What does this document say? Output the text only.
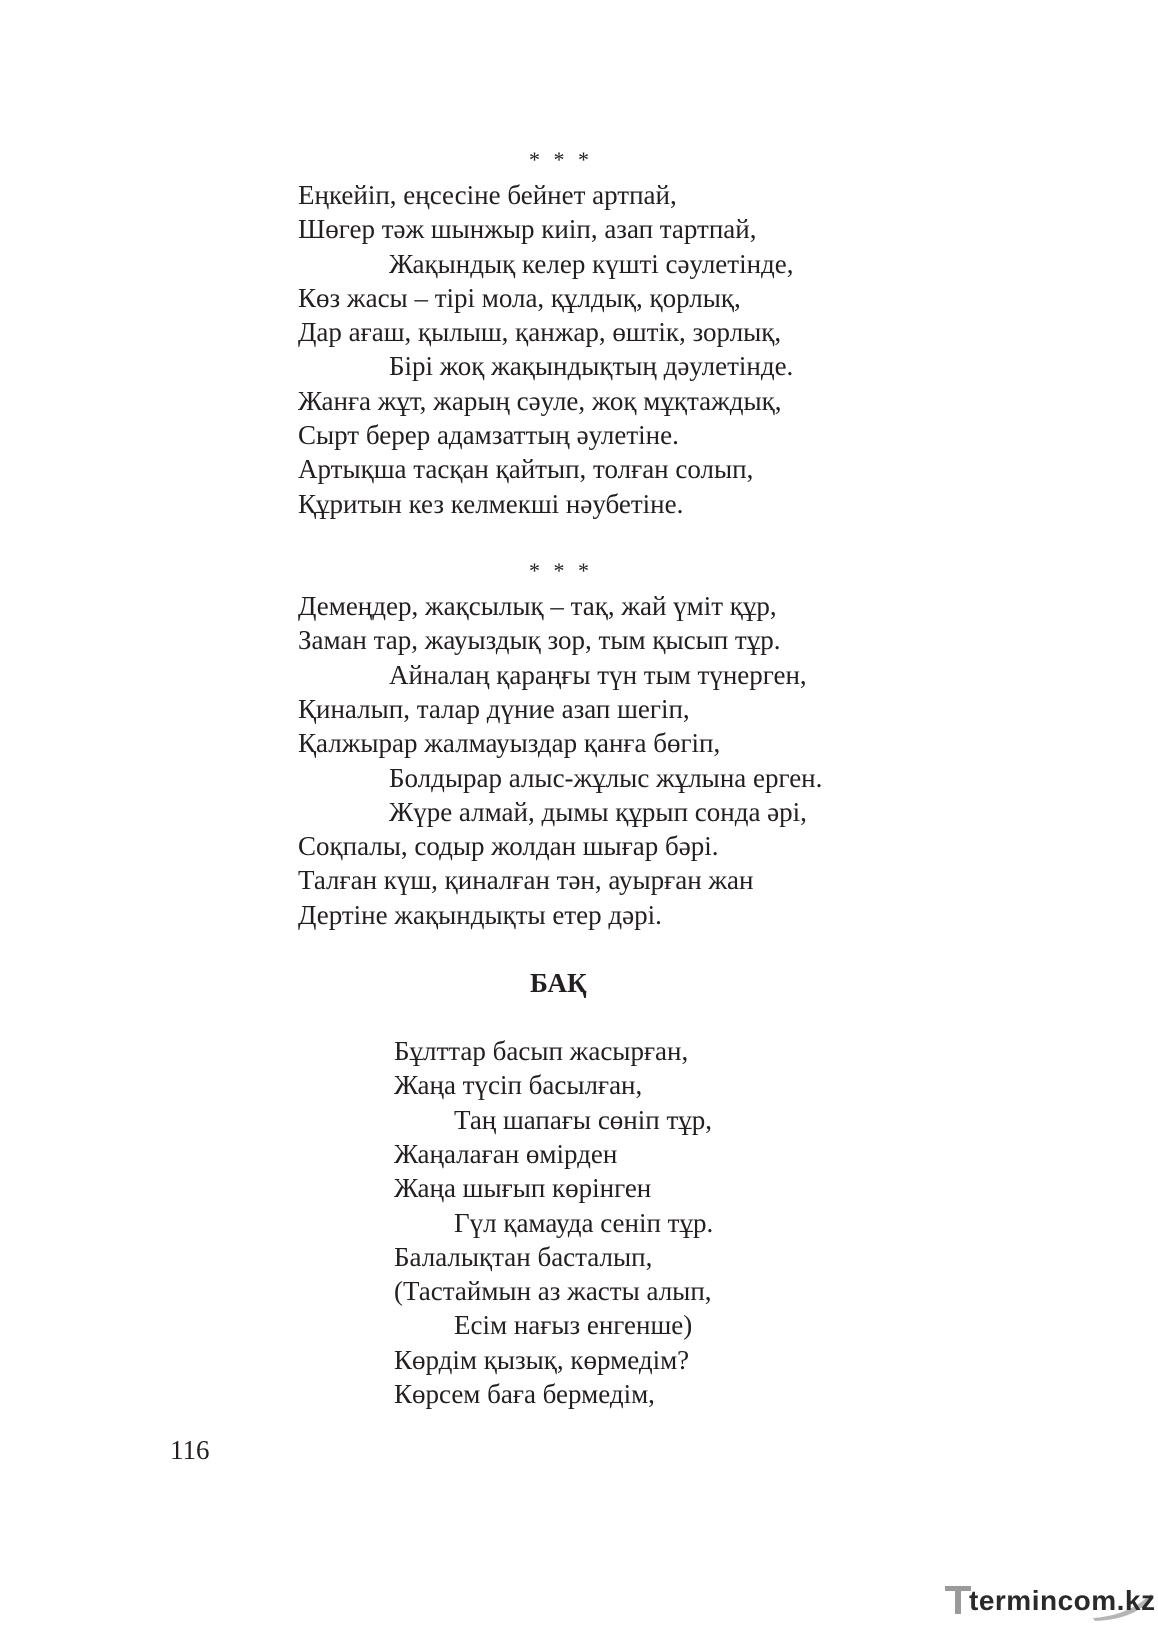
* * *
Еңкейіп, еңсесіне бейнет артпай,
Шөгер тәж шынжыр киіп, азап тартпай,
Жақындық келер күшті сәулетінде,
Көз жасы – тірі мола, құлдық, қорлық,
Дар ағаш, қылыш, қанжар, өштік, зорлық,
Бірі жоқ жақындықтың дәулетінде.
Жанға жұт, жарың сәуле, жоқ мұқтаждық,
Сырт берер адамзаттың әулетіне.
Артықша тасқан қайтып, толған солып,
Құритын кез келмекші нәубетіне.
* * *
Демеңдер, жақсылық – тақ, жай үміт құр,
Заман тар, жауыздық зор, тым қысып тұр.
Айналаң қараңғы түн тым түнерген,
Қиналып, талар дүние азап шегіп,
Қалжырар жалмауыздар қанға бөгіп,
Болдырар алыс-жұлыс жұлына ерген.
Жүре алмай, дымы құрып сонда әрі,
Соқпалы, содыр жолдан шығар бәрі.
Талған күш, қиналған тән, ауырған жан
Дертіне жақындықты етер дәрі.
БАҚ
Бұлттар басып жасырған,
Жаңа түсіп басылған,
Таң шапағы сөніп тұр,
Жаңалаған өмірден
Жаңа шығып көрінген
Гүл қамауда сеніп тұр.
Балалықтан басталып,
(Тастаймын аз жасты алып,
Есім нағыз енгенше)
Көрдім қызық, көрмедім?
Көрсем баға бермедім,
116
termincom.kz
